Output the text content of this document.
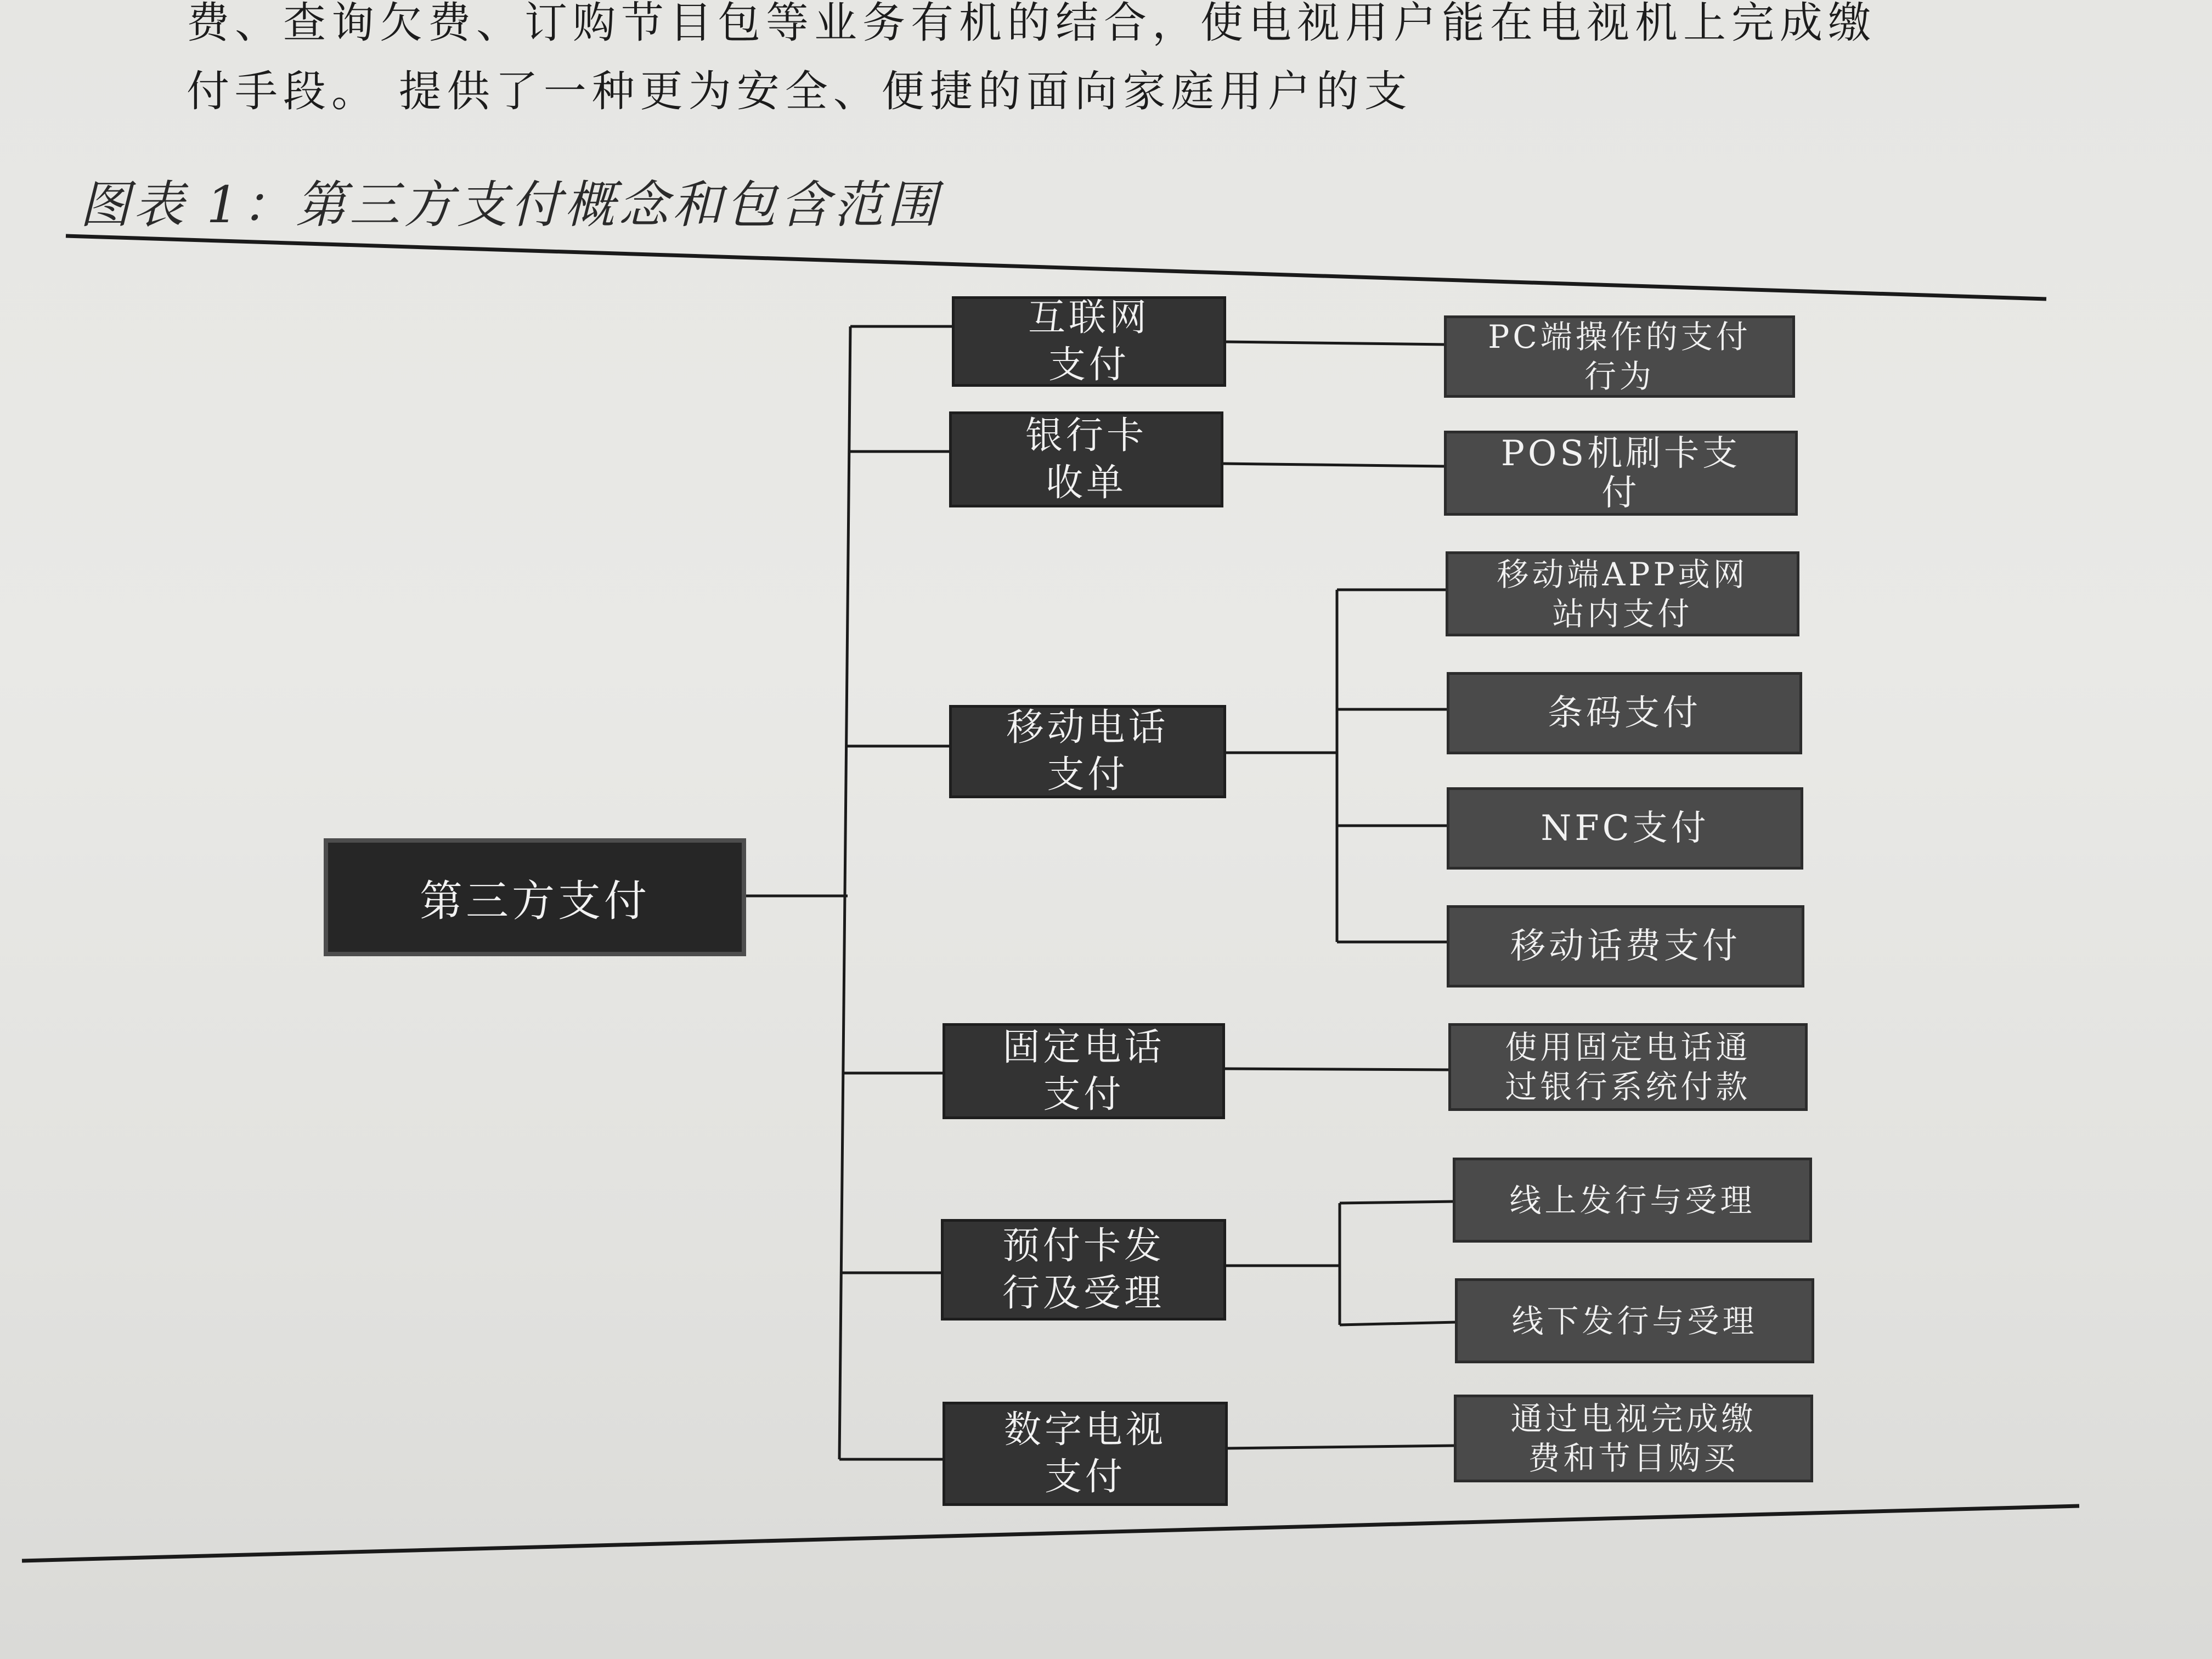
费、查询欠费、订购节目包等业务有机的结合，使电视用户能在电视机上完成缴

付手段。 提供了一种更为安全、便捷的面向家庭用户的支

图表 1：第三方支付概念和包含范围
第三方支付
互联网
支付
银行卡
收单
移动电话
支付
固定电话
支付
预付卡发
行及受理
数字电视
支付
PC端操作的支付
行为
POS机刷卡支
付
移动端APP或网
站内支付
条码支付
NFC支付
移动话费支付
使用固定电话通
过银行系统付款
线上发行与受理
线下发行与受理
通过电视完成缴
费和节目购买
